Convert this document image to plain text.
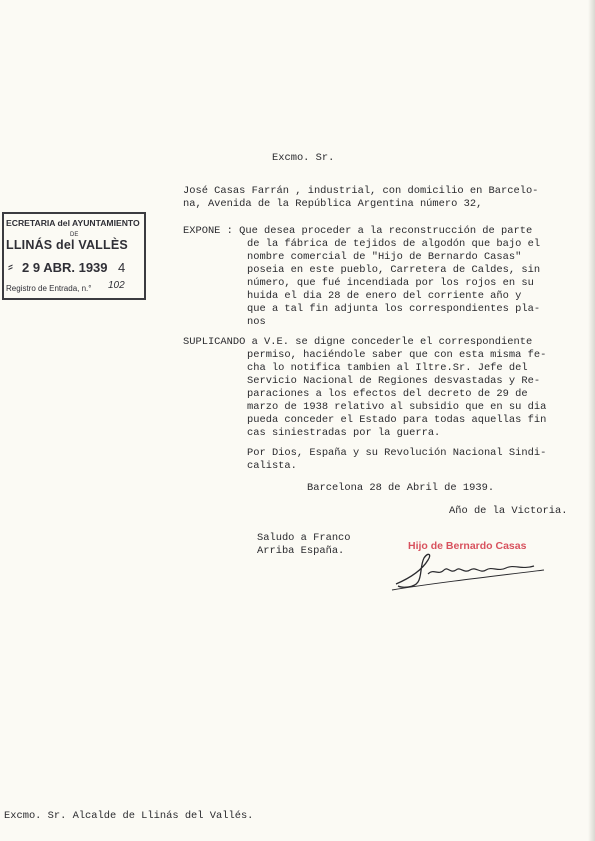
Excmo. Sr.
José Casas Farrán , industrial, con domicilio en Barcelo-
na, Avenida de la República Argentina número 32,
EXPONE : Que desea proceder a la reconstrucción de parte
de la fábrica de tejidos de algodón que bajo el
nombre comercial de "Hijo de Bernardo Casas"
poseia en este pueblo, Carretera de Caldes, sin
número, que fué incendiada por los rojos en su
huida el dia 28 de enero del corriente año y
que a tal fin adjunta los correspondientes pla-
nos
SUPLICANDO a V.E. se digne concederle el correspondiente
permiso, haciéndole saber que con esta misma fe-
cha lo notifica tambien al Iltre.Sr. Jefe del
Servicio Nacional de Regiones desvastadas y Re-
paraciones a los efectos del decreto de 29 de
marzo de 1938 relativo al subsidio que en su dia
pueda conceder el Estado para todas aquellas fin
cas siniestradas por la guerra.
Por Dios, España y su Revolución Nacional Sindi-
calista.
Barcelona 28 de Abril de 1939.
Año de la Victoria.
Saludo a Franco
Arriba España.	Hijo de Bernardo Casas
ECRETARIA del AYUNTAMIENTO
DE
LLINÁS del VALLÈS
⸗ 2 9 ABR. 1939 4
Registro de Entrada, n.° 102
Excmo. Sr. Alcalde de Llinás del Vallés.
